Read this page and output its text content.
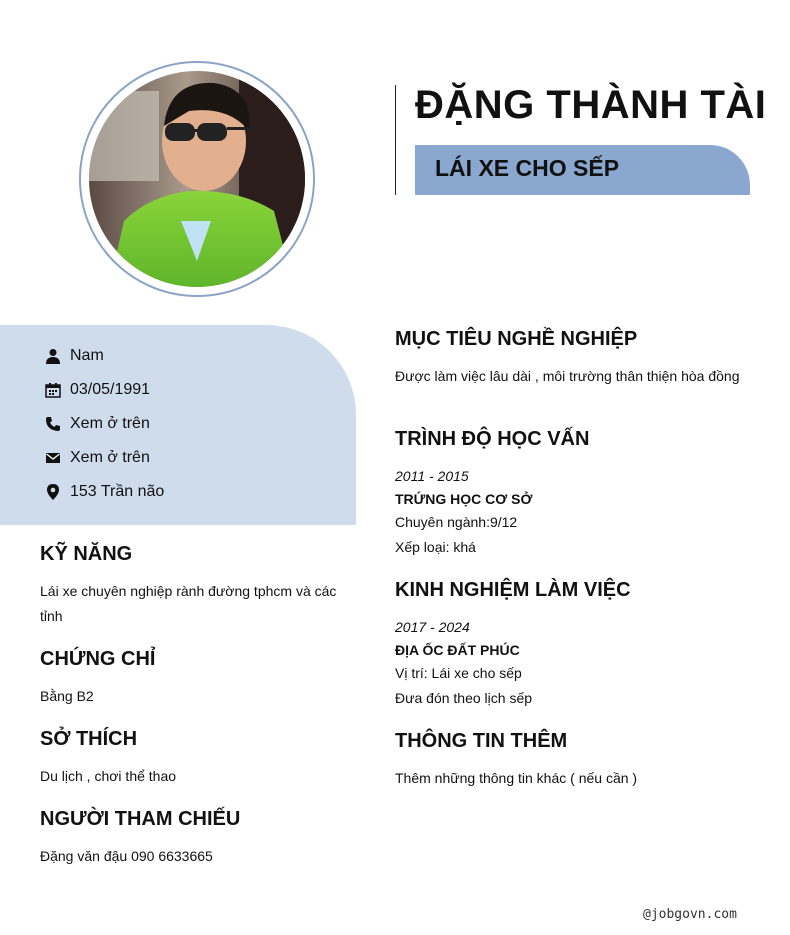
ĐẶNG THÀNH TÀI
LÁI XE CHO SẾP
Nam
03/05/1991
Xem ở trên
Xem ở trên
153 Trần não
KỸ NĂNG
Lái xe chuyên nghiệp rành đường tphcm và các tỉnh
CHỨNG CHỈ
Bằng B2
SỞ THÍCH
Du lịch , chơi thể thao
NGƯỜI THAM CHIẾU
Đặng văn đậu 090 6633665
MỤC TIÊU NGHỀ NGHIỆP
Được làm việc lâu dài , môi trường thân thiện hòa đồng
TRÌNH ĐỘ HỌC VẤN
2011 - 2015
TRỨNG HỌC CƠ SỞ
Chuyên ngành:9/12
Xếp loại: khá
KINH NGHIỆM LÀM VIỆC
2017 - 2024
ĐỊA ỐC ĐẤT PHÚC
Vị trí: Lái xe cho sếp
Đưa đón theo lịch sếp
THÔNG TIN THÊM
Thêm những thông tin khác ( nếu cần )
@jobgovn.com
